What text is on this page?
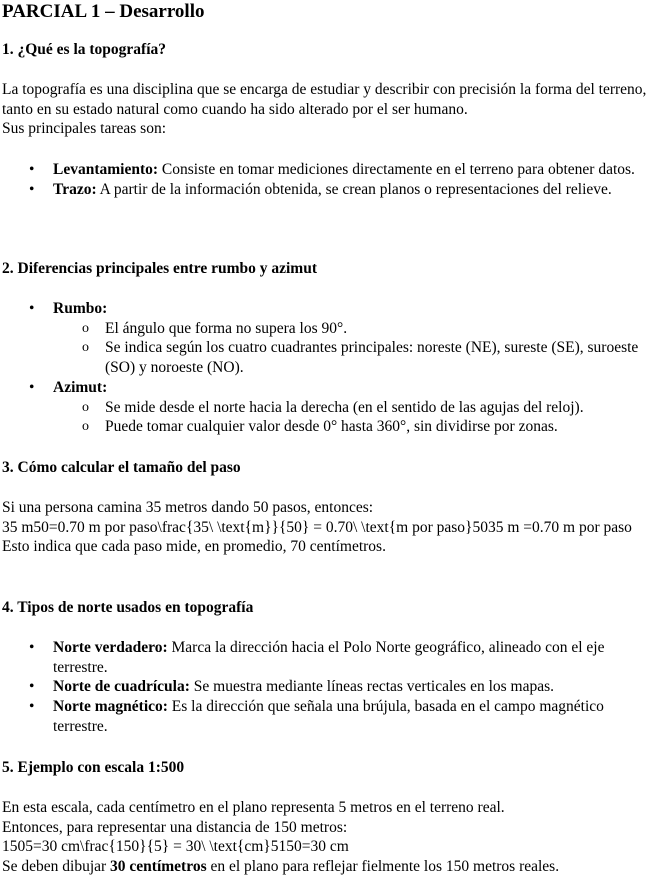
PARCIAL 1 – Desarrollo
1. ¿Qué es la topografía?

La topografía es una disciplina que se encarga de estudiar y describir con precisión la forma del terreno, tanto en su estado natural como cuando ha sido alterado por el ser humano.

Sus principales tareas son:

• Levantamiento: Consiste en tomar mediciones directamente en el terreno para obtener datos.
• Trazo: A partir de la información obtenida, se crean planos o representaciones del relieve.
2. Diferencias principales entre rumbo y azimut
• Rumbo:
o El ángulo que forma no supera los 90°.
o Se indica según los cuatro cuadrantes principales: noreste (NE), sureste (SE), suroeste (SO) y noroeste (NO).
• Azimut:
o Se mide desde el norte hacia la derecha (en el sentido de las agujas del reloj).
o Puede tomar cualquier valor desde 0° hasta 360°, sin dividirse por zonas.
3. Cómo calcular el tamaño del paso

Si una persona camina 35 metros dando 50 pasos, entonces:

35 m50=0.70 m por paso\frac{35\ \text{m}}{50} = 0.70\ \text{m por paso}5035 m =0.70 m por paso

Esto indica que cada paso mide, en promedio, 70 centímetros.

4. Tipos de norte usados en topografía
• Norte verdadero: Marca la dirección hacia el Polo Norte geográfico, alineado con el eje terrestre.
• Norte de cuadrícula: Se muestra mediante líneas rectas verticales en los mapas.
• Norte magnético: Es la dirección que señala una brújula, basada en el campo magnético terrestre.
5. Ejemplo con escala 1:500

En esta escala, cada centímetro en el plano representa 5 metros en el terreno real.

Entonces, para representar una distancia de 150 metros:

1505=30 cm\frac{150}{5} = 30\ \text{cm}5150=30 cm

Se deben dibujar 30 centímetros en el plano para reflejar fielmente los 150 metros reales.
